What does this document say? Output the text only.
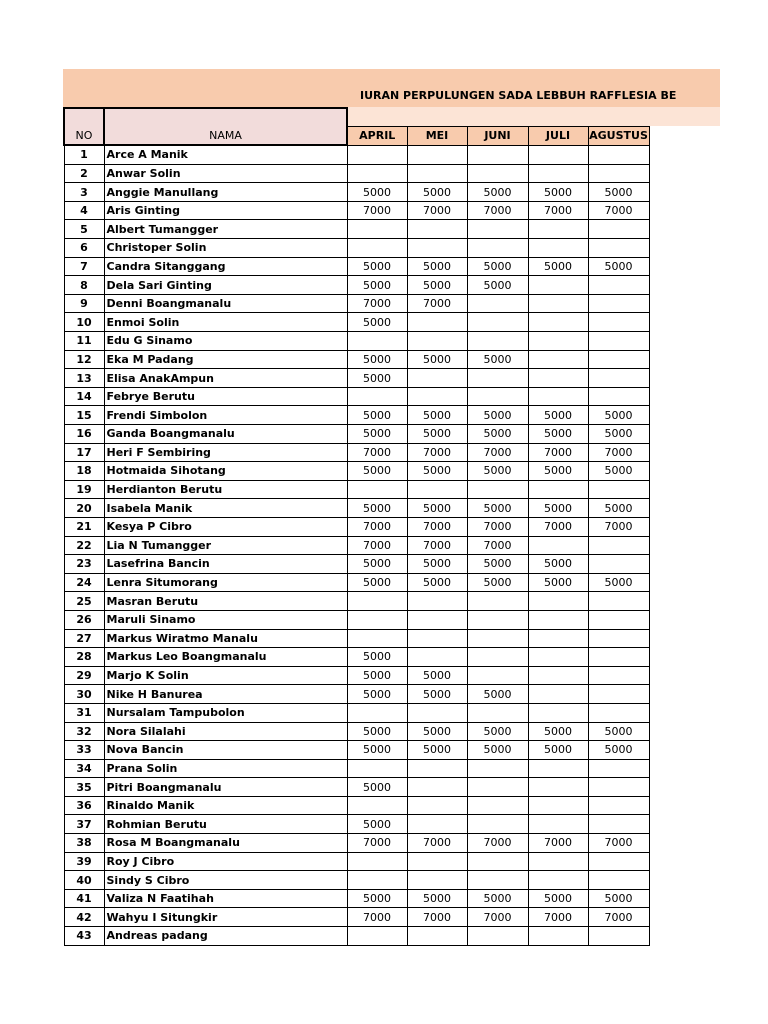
IURAN PERPULUNGEN SADA LEBBUH RAFFLESIA BE
NO	NAMA					
		APRIL	MEI	JUNI	JULI	AGUSTUS
1	Arce A Manik					
2	Anwar Solin					
3	Anggie Manullang	5000	5000	5000	5000	5000
4	Aris Ginting	7000	7000	7000	7000	7000
5	Albert Tumangger					
6	Christoper Solin					
7	Candra Sitanggang	5000	5000	5000	5000	5000
8	Dela Sari Ginting	5000	5000	5000		
9	Denni Boangmanalu	7000	7000			
10	Enmoi Solin	5000				
11	Edu G Sinamo					
12	Eka M Padang	5000	5000	5000		
13	Elisa AnakAmpun	5000				
14	Febrye Berutu					
15	Frendi Simbolon	5000	5000	5000	5000	5000
16	Ganda Boangmanalu	5000	5000	5000	5000	5000
17	Heri F Sembiring	7000	7000	7000	7000	7000
18	Hotmaida Sihotang	5000	5000	5000	5000	5000
19	Herdianton Berutu					
20	Isabela Manik	5000	5000	5000	5000	5000
21	Kesya P Cibro	7000	7000	7000	7000	7000
22	Lia N Tumangger	7000	7000	7000		
23	Lasefrina Bancin	5000	5000	5000	5000	
24	Lenra Situmorang	5000	5000	5000	5000	5000
25	Masran Berutu					
26	Maruli Sinamo					
27	Markus Wiratmo Manalu					
28	Markus Leo Boangmanalu	5000				
29	Marjo K Solin	5000	5000			
30	Nike H Banurea	5000	5000	5000		
31	Nursalam Tampubolon					
32	Nora Silalahi	5000	5000	5000	5000	5000
33	Nova Bancin	5000	5000	5000	5000	5000
34	Prana Solin					
35	Pitri Boangmanalu	5000				
36	Rinaldo Manik					
37	Rohmian Berutu	5000				
38	Rosa M Boangmanalu	7000	7000	7000	7000	7000
39	Roy J Cibro					
40	Sindy S Cibro					
41	Valiza N Faatihah	5000	5000	5000	5000	5000
42	Wahyu I Situngkir	7000	7000	7000	7000	7000
43	Andreas padang					
